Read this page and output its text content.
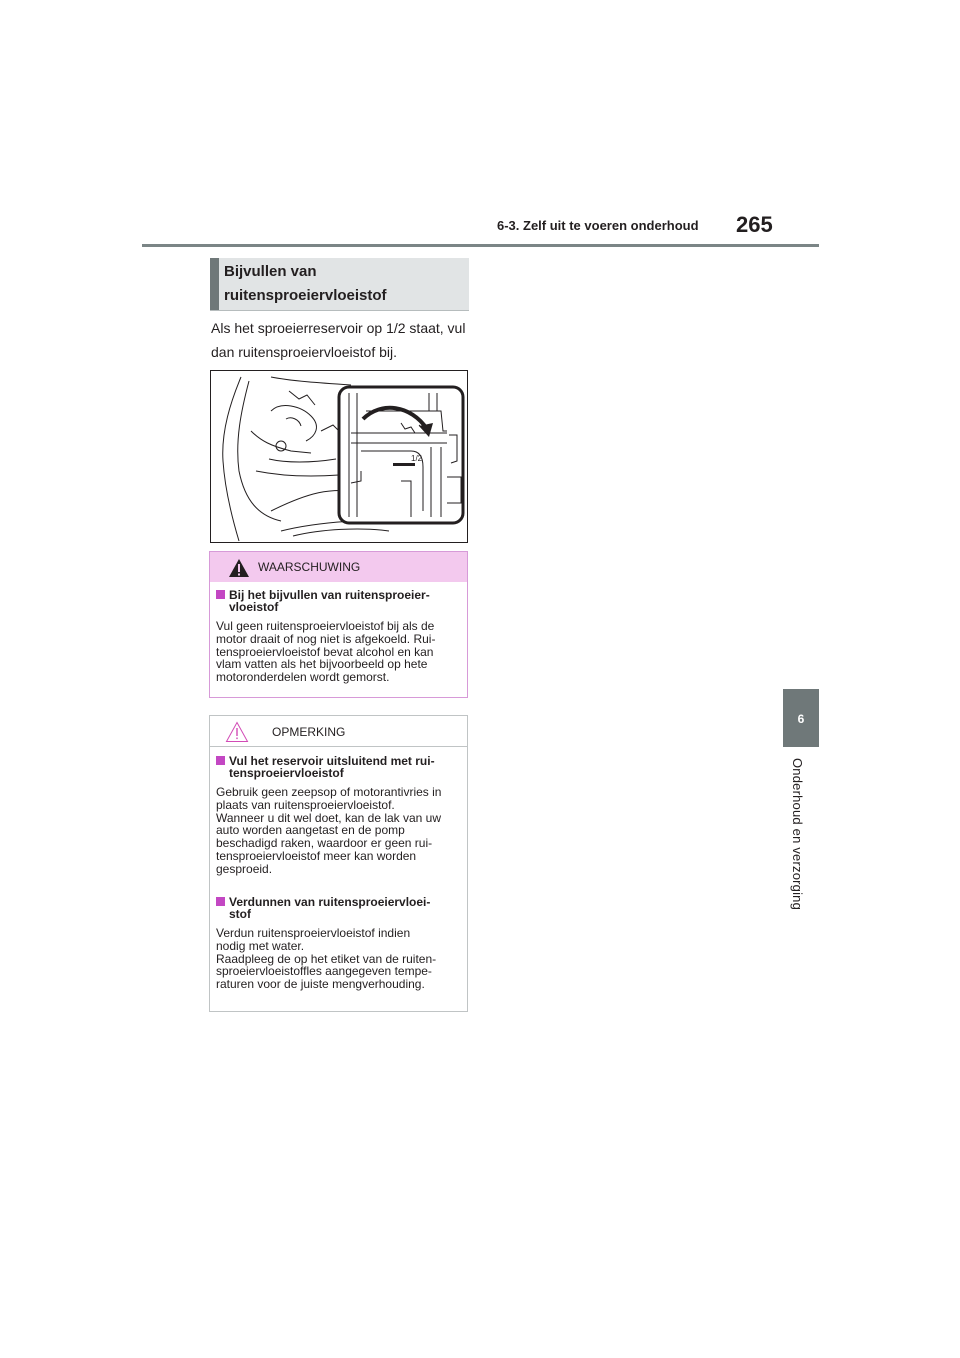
6-3. Zelf uit te voeren onderhoud 265
6
Onderhoud en verzorging
Bijvullen van ruitensproeiervloeistof
Als het sproeierreservoir op 1/2 staat, vul dan ruitensproeiervloeistof bij.
1/2
WAARSCHUWING
Bij het bijvullen van ruitensproeier-
vloeistof
Vul geen ruitensproeiervloeistof bij als de
motor draait of nog niet is afgekoeld. Rui-
tensproeiervloeistof bevat alcohol en kan
vlam vatten als het bijvoorbeeld op hete
motoronderdelen wordt gemorst.
OPMERKING
Vul het reservoir uitsluitend met rui-
tensproeiervloeistof
Gebruik geen zeepsop of motorantivries in
plaats van ruitensproeiervloeistof.
Wanneer u dit wel doet, kan de lak van uw
auto worden aangetast en de pomp
beschadigd raken, waardoor er geen rui-
tensproeiervloeistof meer kan worden
gesproeid.
Verdunnen van ruitensproeiervloei-
stof
Verdun ruitensproeiervloeistof indien
nodig met water.
Raadpleeg de op het etiket van de ruiten-
sproeiervloeistoffles aangegeven tempe-
raturen voor de juiste mengverhouding.
